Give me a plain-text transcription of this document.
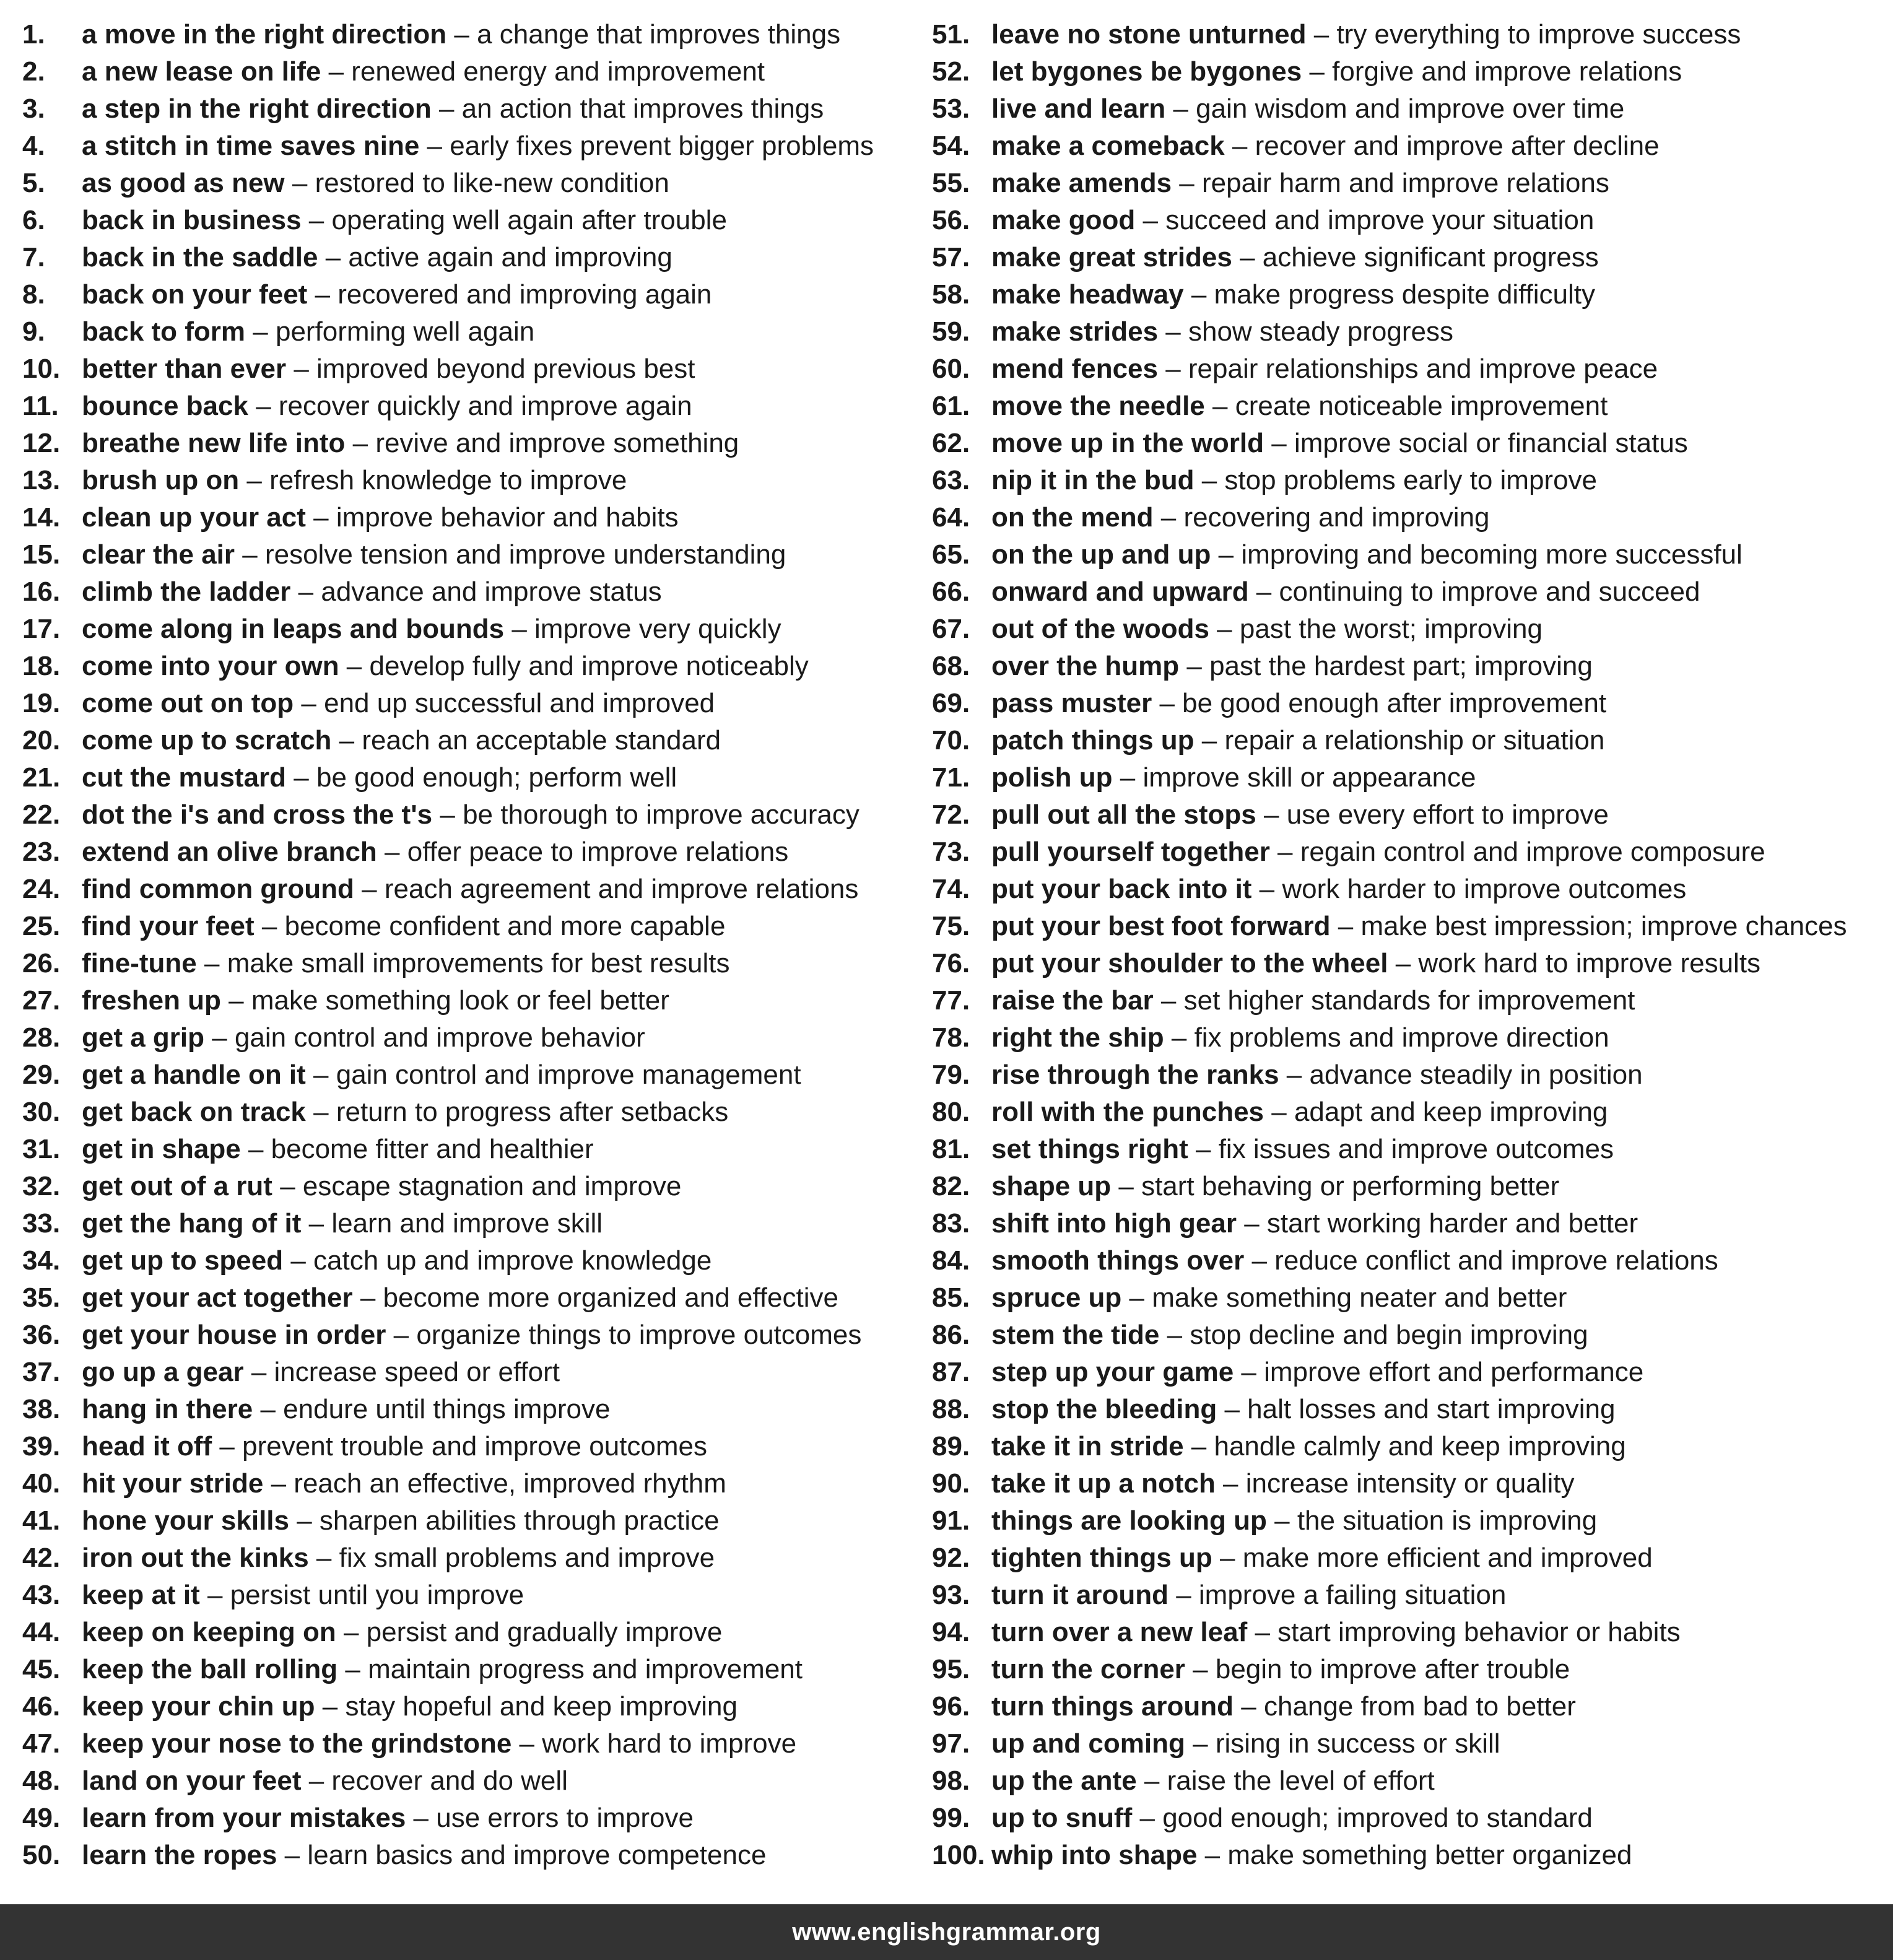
1.	a move in the right direction – a change that improves things
2.	a new lease on life – renewed energy and improvement
3.	a step in the right direction – an action that improves things
4.	a stitch in time saves nine – early fixes prevent bigger problems
5.	as good as new – restored to like-new condition
6.	back in business – operating well again after trouble
7.	back in the saddle – active again and improving
8.	back on your feet – recovered and improving again
9.	back to form – performing well again
10. better than ever – improved beyond previous best
11. bounce back – recover quickly and improve again
12. breathe new life into – revive and improve something
13. brush up on – refresh knowledge to improve
14. clean up your act – improve behavior and habits
15. clear the air – resolve tension and improve understanding
16. climb the ladder – advance and improve status
17. come along in leaps and bounds – improve very quickly
18. come into your own – develop fully and improve noticeably
19. come out on top – end up successful and improved
20. come up to scratch – reach an acceptable standard
21. cut the mustard – be good enough; perform well
22. dot the i's and cross the t's – be thorough to improve accuracy
23. extend an olive branch – offer peace to improve relations
24. find common ground – reach agreement and improve relations
25. find your feet – become confident and more capable
26. fine-tune – make small improvements for best results
27. freshen up – make something look or feel better
28. get a grip – gain control and improve behavior
29. get a handle on it – gain control and improve management
30. get back on track – return to progress after setbacks
31. get in shape – become fitter and healthier
32. get out of a rut – escape stagnation and improve
33. get the hang of it – learn and improve skill
34. get up to speed – catch up and improve knowledge
35. get your act together – become more organized and effective
36. get your house in order – organize things to improve outcomes
37. go up a gear – increase speed or effort
38. hang in there – endure until things improve
39. head it off – prevent trouble and improve outcomes
40. hit your stride – reach an effective, improved rhythm
41. hone your skills – sharpen abilities through practice
42. iron out the kinks – fix small problems and improve
43. keep at it – persist until you improve
44. keep on keeping on – persist and gradually improve
45. keep the ball rolling – maintain progress and improvement
46. keep your chin up – stay hopeful and keep improving
47. keep your nose to the grindstone – work hard to improve
48. land on your feet – recover and do well
49. learn from your mistakes – use errors to improve
50. learn the ropes – learn basics and improve competence
51. leave no stone unturned – try everything to improve success
52. let bygones be bygones – forgive and improve relations
53. live and learn – gain wisdom and improve over time
54. make a comeback – recover and improve after decline
55. make amends – repair harm and improve relations
56. make good – succeed and improve your situation
57. make great strides – achieve significant progress
58. make headway – make progress despite difficulty
59. make strides – show steady progress
60. mend fences – repair relationships and improve peace
61. move the needle – create noticeable improvement
62. move up in the world – improve social or financial status
63. nip it in the bud – stop problems early to improve
64. on the mend – recovering and improving
65. on the up and up – improving and becoming more successful
66. onward and upward – continuing to improve and succeed
67. out of the woods – past the worst; improving
68. over the hump – past the hardest part; improving
69. pass muster – be good enough after improvement
70. patch things up – repair a relationship or situation
71. polish up – improve skill or appearance
72. pull out all the stops – use every effort to improve
73. pull yourself together – regain control and improve composure
74. put your back into it – work harder to improve outcomes
75. put your best foot forward – make best impression; improve chances
76. put your shoulder to the wheel – work hard to improve results
77. raise the bar – set higher standards for improvement
78. right the ship – fix problems and improve direction
79. rise through the ranks – advance steadily in position
80. roll with the punches – adapt and keep improving
81. set things right – fix issues and improve outcomes
82. shape up – start behaving or performing better
83. shift into high gear – start working harder and better
84. smooth things over – reduce conflict and improve relations
85. spruce up – make something neater and better
86. stem the tide – stop decline and begin improving
87. step up your game – improve effort and performance
88. stop the bleeding – halt losses and start improving
89. take it in stride – handle calmly and keep improving
90. take it up a notch – increase intensity or quality
91. things are looking up – the situation is improving
92. tighten things up – make more efficient and improved
93. turn it around – improve a failing situation
94. turn over a new leaf – start improving behavior or habits
95. turn the corner – begin to improve after trouble
96. turn things around – change from bad to better
97. up and coming – rising in success or skill
98. up the ante – raise the level of effort
99. up to snuff – good enough; improved to standard
100. whip into shape – make something better organized
www.englishgrammar.org
